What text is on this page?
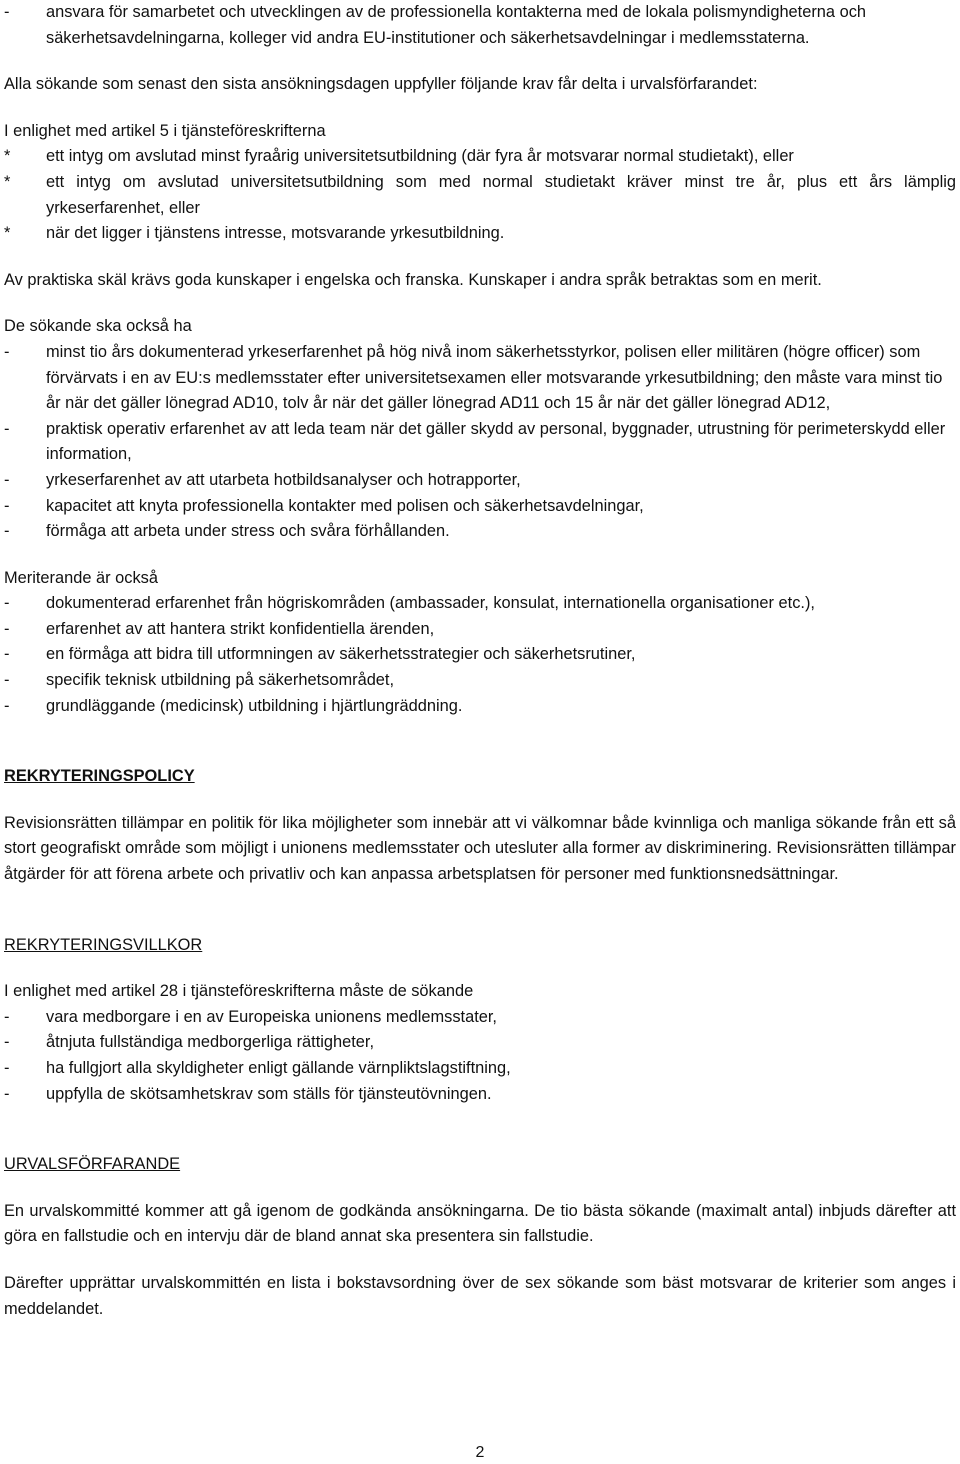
-	ansvara för samarbetet och utvecklingen av de professionella kontakterna med de lokala polismyndigheterna och säkerhetsavdelningarna, kolleger vid andra EU-institutioner och säkerhetsavdelningar i medlemsstaterna.

Alla sökande som senast den sista ansökningsdagen uppfyller följande krav får delta i urvalsförfarandet:

I enlighet med artikel 5 i tjänsteföreskrifterna

*	ett intyg om avslutad minst fyraårig universitetsutbildning (där fyra år motsvarar normal studietakt), eller
*	ett intyg om avslutad universitetsutbildning som med normal studietakt kräver minst tre år, plus ett års lämplig yrkeserfarenhet, eller
*	när det ligger i tjänstens intresse, motsvarande yrkesutbildning.

Av praktiska skäl krävs goda kunskaper i engelska och franska. Kunskaper i andra språk betraktas som en merit.

De sökande ska också ha

-	minst tio års dokumenterad yrkeserfarenhet på hög nivå inom säkerhetsstyrkor, polisen eller militären (högre officer) som förvärvats i en av EU:s medlemsstater efter universitetsexamen eller motsvarande yrkesutbildning; den måste vara minst tio år när det gäller lönegrad AD10, tolv år när det gäller lönegrad AD11 och 15 år när det gäller lönegrad AD12,
-	praktisk operativ erfarenhet av att leda team när det gäller skydd av personal, byggnader, utrustning för perimeterskydd eller information,
-	yrkeserfarenhet av att utarbeta hotbildsanalyser och hotrapporter,
-	kapacitet att knyta professionella kontakter med polisen och säkerhetsavdelningar,
-	förmåga att arbeta under stress och svåra förhållanden.

Meriterande är också

-	dokumenterad erfarenhet från högriskområden (ambassader, konsulat, internationella organisationer etc.),
-	erfarenhet av att hantera strikt konfidentiella ärenden,
-	en förmåga att bidra till utformningen av säkerhetsstrategier och säkerhetsrutiner,
-	specifik teknisk utbildning på säkerhetsområdet,
-	grundläggande (medicinsk) utbildning i hjärtlungräddning.

REKRYTERINGSPOLICY

Revisionsrätten tillämpar en politik för lika möjligheter som innebär att vi välkomnar både kvinnliga och manliga sökande från ett så stort geografiskt område som möjligt i unionens medlemsstater och utesluter alla former av diskriminering. Revisionsrätten tillämpar åtgärder för att förena arbete och privatliv och kan anpassa arbetsplatsen för personer med funktionsnedsättningar.

REKRYTERINGSVILLKOR

I enlighet med artikel 28 i tjänsteföreskrifterna måste de sökande

-	vara medborgare i en av Europeiska unionens medlemsstater,
-	åtnjuta fullständiga medborgerliga rättigheter,
-	ha fullgjort alla skyldigheter enligt gällande värnpliktslagstiftning,
-	uppfylla de skötsamhetskrav som ställs för tjänsteutövningen.

URVALSFÖRFARANDE

En urvalskommitté kommer att gå igenom de godkända ansökningarna. De tio bästa sökande (maximalt antal) inbjuds därefter att göra en fallstudie och en intervju där de bland annat ska presentera sin fallstudie.

Därefter upprättar urvalskommittén en lista i bokstavsordning över de sex sökande som bäst motsvarar de kriterier som anges i meddelandet.

2
